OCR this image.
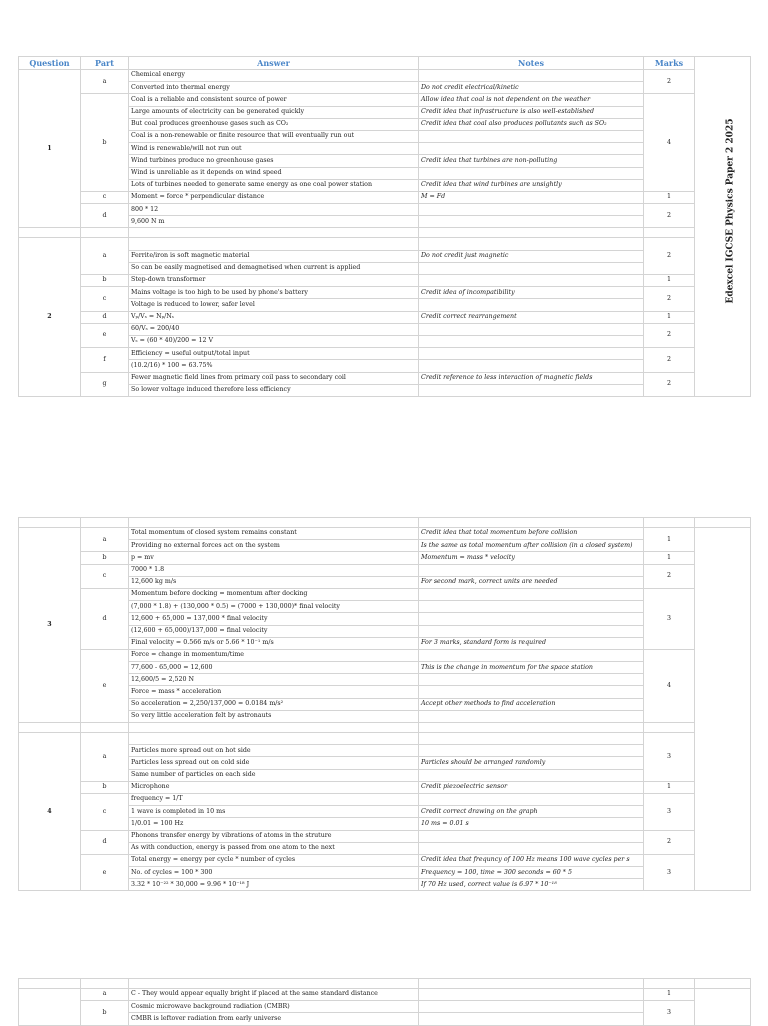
Question	Part	Answer	Notes	Marks	
1	a	Chemical energy		2	
		Converted into thermal energy	Do not credit electrical/kinetic		
	b	Coal is a reliable and consistent source of power	Allow idea that coal is not dependent on the weather	4	
		Large amounts of electricity can be generated quickly	Credit idea that infrastructure is also well-established		
		But coal produces greenhouse gases such as CO₂	Credit idea that coal also produces pollutants such as SO₂		
		Coal is a non-renewable or finite resource that will eventually run out			
		Wind is renewable/will not run out			
		Wind turbines produce no greenhouse gases	Credit idea that turbines are non-polluting		
		Wind is unreliable as it depends on wind speed			
		Lots of turbines needed to generate same energy as one coal power station	Credit idea that wind turbines are unsightly		
	c	Moment = force * perpendicular distance	M = Fd	1	
	d	800 * 12		2	
		9,600 N m			

2	a			2	
		Ferrite/iron is soft magnetic material	Do not credit just magnetic		
		So can be easily magnetised and demagnetised when current is applied			
	b	Step-down transformer		1	
	c	Mains voltage is too high to be used by phone's battery	Credit idea of incompatibility	2	
		Voltage is reduced to lower, safer level			
	d	V⁠ₚ/Vₛ = Nₚ/Nₛ	Credit correct rearrangement	1	
	e	60/Vₛ = 200/40		2	
		Vₛ = (60 * 40)/200 = 12 V			
	f	Efficiency = useful output/total input		2	
		(10.2/16) * 100 = 63.75%			
	g	Fewer magnetic field lines from primary coil pass to secondary coil	Credit reference to less interaction of magnetic fields	2	
		So lower voltage induced therefore less efficiency			
Edexcel IGCSE Physics Paper 2 2025

3	a	Total momentum of closed system remains constant	Credit idea that total momentum before collision	1	
		Providing no external forces act on the system	Is the same as total momentum after collision (in a closed system)		
	b	p = mv	Momentum = mass * velocity	1	
	c	7000 * 1.8		2	
		12,600 kg m/s	For second mark, correct units are needed		
	d	Momentum before docking = momentum after docking		3	
		(7,000 * 1.8) + (130,000 * 0.5) = (7000 + 130,000)* final velocity			
		12,600 + 65,000 = 137,000 * final velocity			
		(12,600 + 65,000)/137,000 = final velocity			
		Final velocity = 0.566 m/s or 5.66 * 10⁻¹ m/s	For 3 marks, standard form is required		
	e	Force = change in momentum/time		4	
		77,600 - 65,000 = 12,600	This is the change in momentum for the space station		
		12,600/5 = 2,520 N			
		Force = mass * acceleration			
		So acceleration = 2,250/137,000 = 0.0184 m/s²	Accept other methods to find acceleration		
		So very little acceleration felt by astronauts			

4	a			3	
		Particles more spread out on hot side			
		Particles less spread out on cold side	Particles should be arranged randomly		
		Same number of particles on each side			
	b	Microphone	Credit piezoelectric sensor	1	
	c	frequency = 1/T		3	
		1 wave is completed in 10 ms	Credit correct drawing on the graph		
		1/0.01 = 100 Hz	10 ms = 0.01 s		
	d	Phonons transfer energy by vibrations of atoms in the struture		2	
		As with conduction, energy is passed from one atom to the next			
	e	Total energy = energy per cycle * number of cycles	Credit idea that frequncy of 100 Hz means 100 wave cycles per s	3	
		No. of cycles = 100 * 300	Frequency = 100, time = 300 seconds = 60 * 5		
		3.32 * 10⁻²² * 30,000 = 9.96 * 10⁻¹⁸ J	If 70 Hz used, correct value is 6.97 * 10⁻¹⁸		

	a	C - They would appear equally bright if placed at the same standard distance		1	
	b	Cosmic microwave background radiation (CMBR)		3	
		CMBR is leftover radiation from early universe			
